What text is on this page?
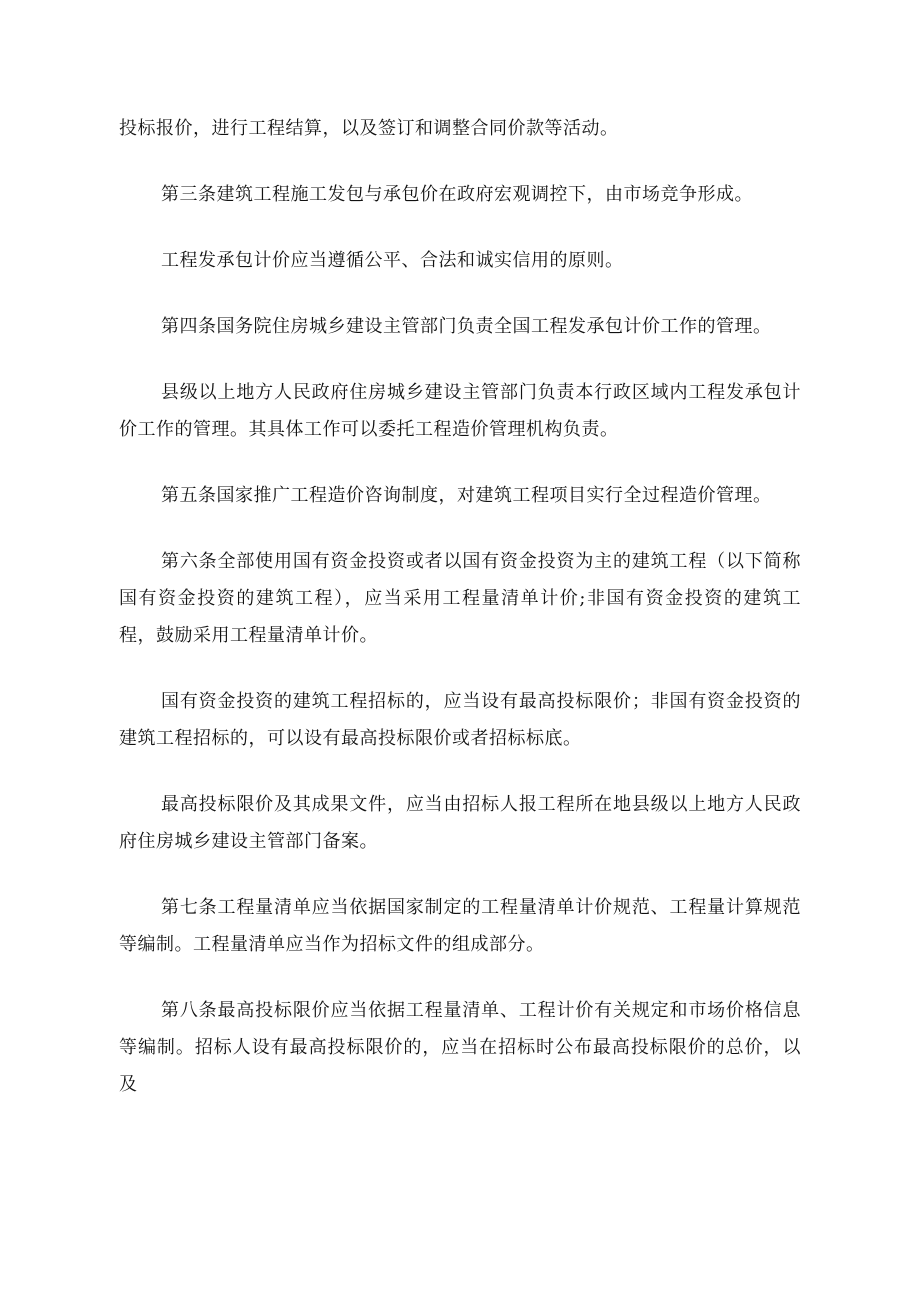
投标报价，进行工程结算，以及签订和调整合同价款等活动。

第三条建筑工程施工发包与承包价在政府宏观调控下，由市场竞争形成。

工程发承包计价应当遵循公平、合法和诚实信用的原则。

第四条国务院住房城乡建设主管部门负责全国工程发承包计价工作的管理。

县级以上地方人民政府住房城乡建设主管部门负责本行政区域内工程发承包计价工作的管理。其具体工作可以委托工程造价管理机构负责。

第五条国家推广工程造价咨询制度，对建筑工程项目实行全过程造价管理。

第六条全部使用国有资金投资或者以国有资金投资为主的建筑工程（以下简称国有资金投资的建筑工程），应当采用工程量清单计价;非国有资金投资的建筑工程，鼓励采用工程量清单计价。

国有资金投资的建筑工程招标的，应当设有最高投标限价；非国有资金投资的建筑工程招标的，可以设有最高投标限价或者招标标底。

最高投标限价及其成果文件，应当由招标人报工程所在地县级以上地方人民政府住房城乡建设主管部门备案。

第七条工程量清单应当依据国家制定的工程量清单计价规范、工程量计算规范等编制。工程量清单应当作为招标文件的组成部分。

第八条最高投标限价应当依据工程量清单、工程计价有关规定和市场价格信息等编制。招标人设有最高投标限价的，应当在招标时公布最高投标限价的总价，以及
